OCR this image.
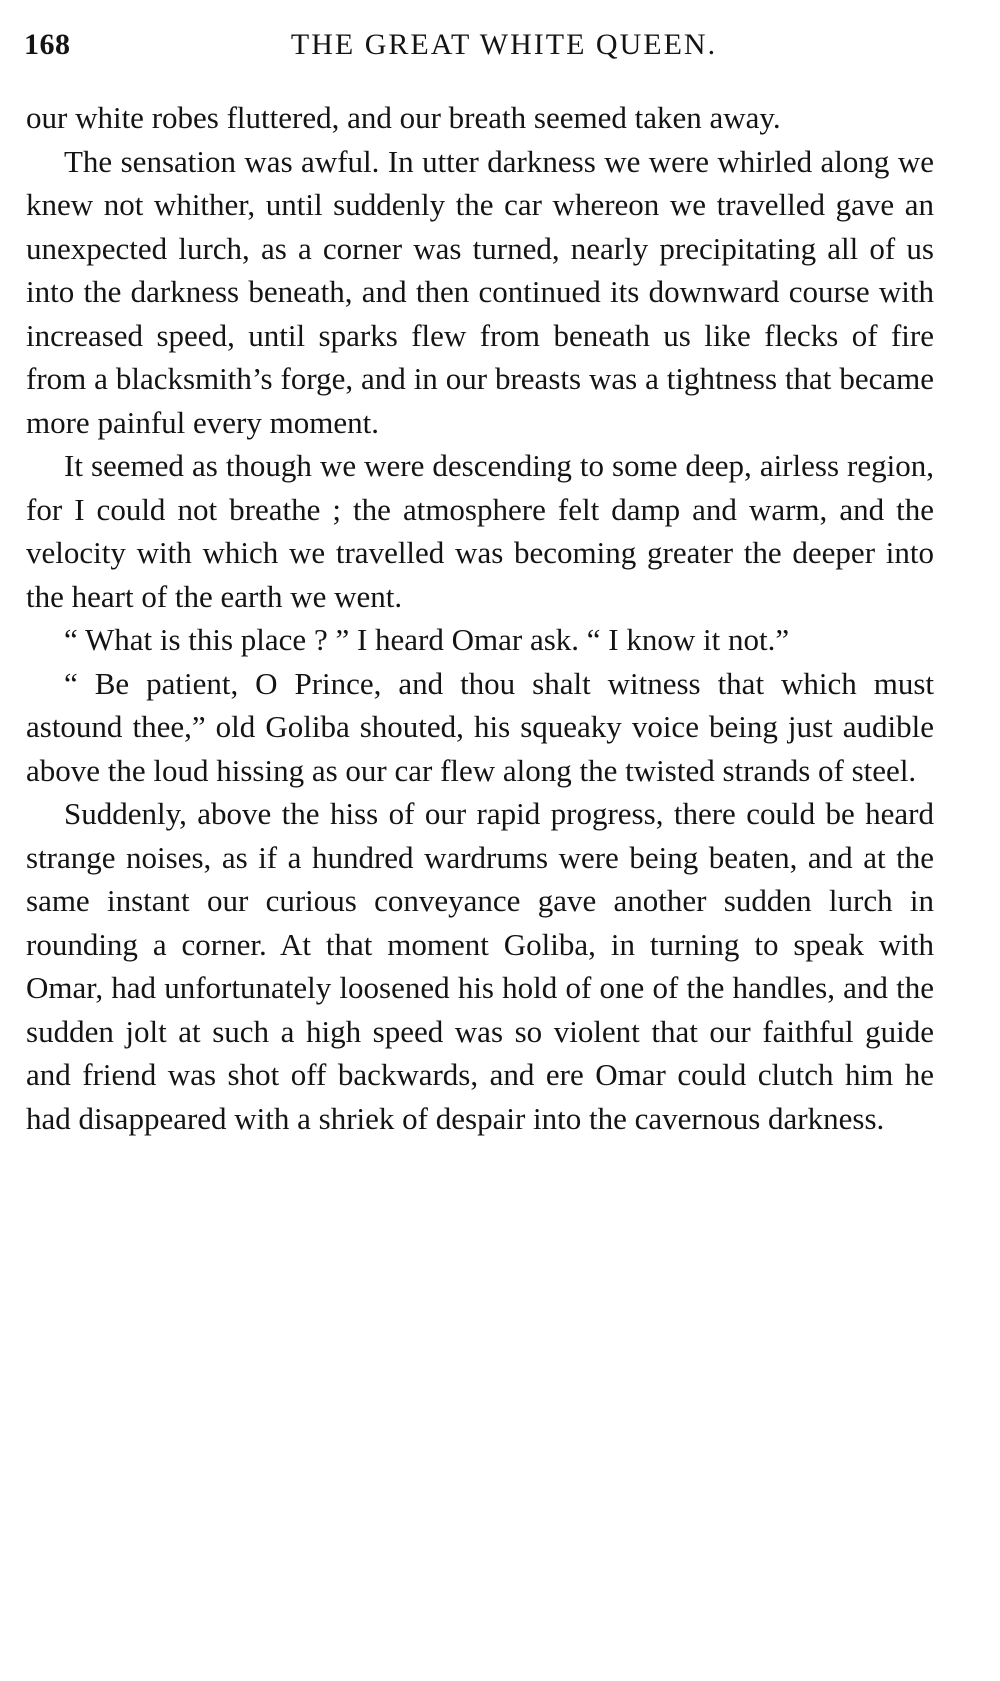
168	THE GREAT WHITE QUEEN.

our white robes fluttered, and our breath seemed taken away.

The sensation was awful. In utter darkness we were whirled along we knew not whither, until suddenly the car whereon we travelled gave an unexpected lurch, as a corner was turned, nearly precipitating all of us into the darkness beneath, and then continued its downward course with increased speed, until sparks flew from beneath us like flecks of fire from a blacksmith’s forge, and in our breasts was a tightness that became more painful every moment.

It seemed as though we were descending to some deep, airless region, for I could not breathe ; the atmosphere felt damp and warm, and the velocity with which we travelled was becoming greater the deeper into the heart of the earth we went.

“ What is this place ? ” I heard Omar ask. “ I know it not.”

“ Be patient, O Prince, and thou shalt witness that which must astound thee,” old Goliba shouted, his squeaky voice being just audible above the loud hissing as our car flew along the twisted strands of steel.

Suddenly, above the hiss of our rapid progress, there could be heard strange noises, as if a hundred wardrums were being beaten, and at the same instant our curious conveyance gave another sudden lurch in rounding a corner. At that moment Goliba, in turning to speak with Omar, had unfortunately loosened his hold of one of the handles, and the sudden jolt at such a high speed was so violent that our faithful guide and friend was shot off backwards, and ere Omar could clutch him he had disappeared with a shriek of despair into the cavernous darkness.
